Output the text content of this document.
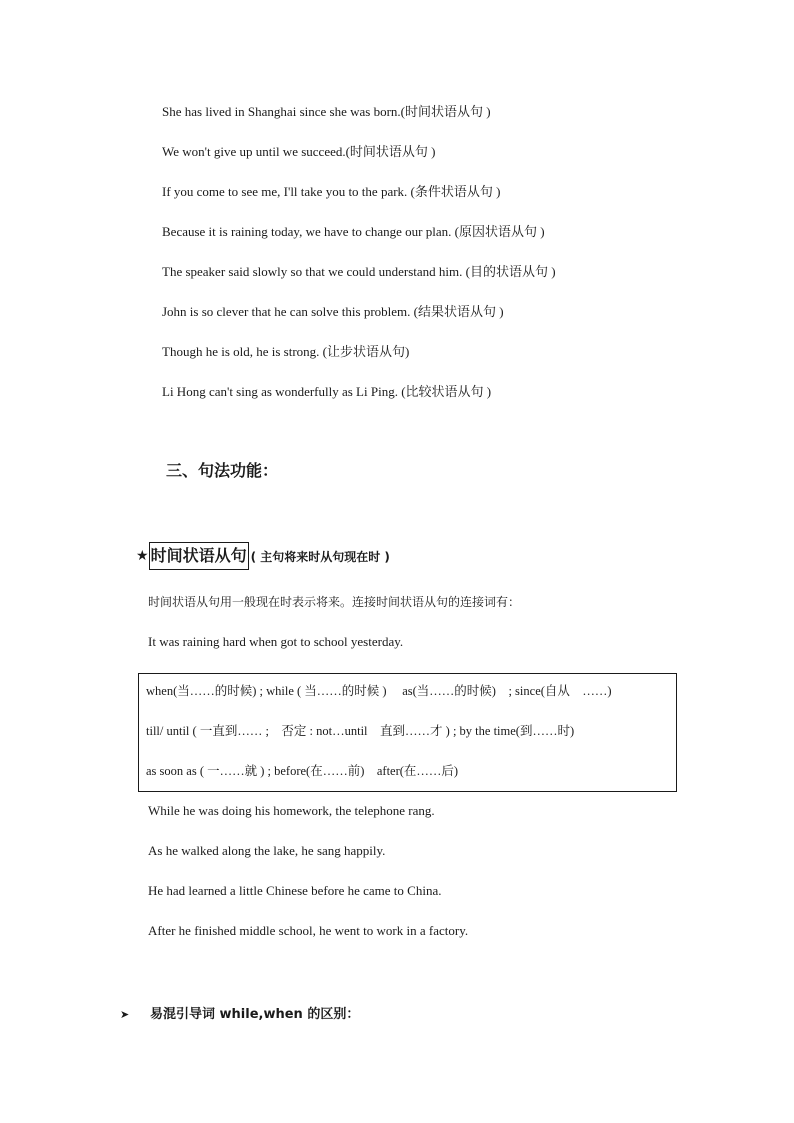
She has lived in Shanghai since she was born.(时间状语从句 )
We won't give up until we succeed.(时间状语从句 )
If you come to see me, I'll take you to the park. (条件状语从句 )
Because it is raining today, we have to change our plan. (原因状语从句 )
The speaker said slowly so that we could understand him. (目的状语从句 )
John is so clever that he can solve this problem. (结果状语从句 )
Though he is old, he is strong. (让步状语从句)
Li Hong can't sing as wonderfully as Li Ping. (比较状语从句 )
三、句法功能：
★ 时间状语从句 ( 主句将来时从句现在时 )
时间状语从句用一般现在时表示将来。连接时间状语从句的连接词有：
It was raining hard when got to school yesterday.
when(当……的时候) ; while ( 当……的时候 )　 as(当……的时候)　; since(自从　……)
till/ until ( 一直到…… ;　否定 : not…until　直到……才 ) ; by the time(到……时)
as soon as ( 一……就 ) ; before(在……前)　after(在……后)
While he was doing his homework, the telephone rang.
As he walked along the lake, he sang happily.
He had learned a little Chinese before he came to China.
After he finished middle school, he went to work in a factory.
➤ 易混引导词 while,when 的区别：
